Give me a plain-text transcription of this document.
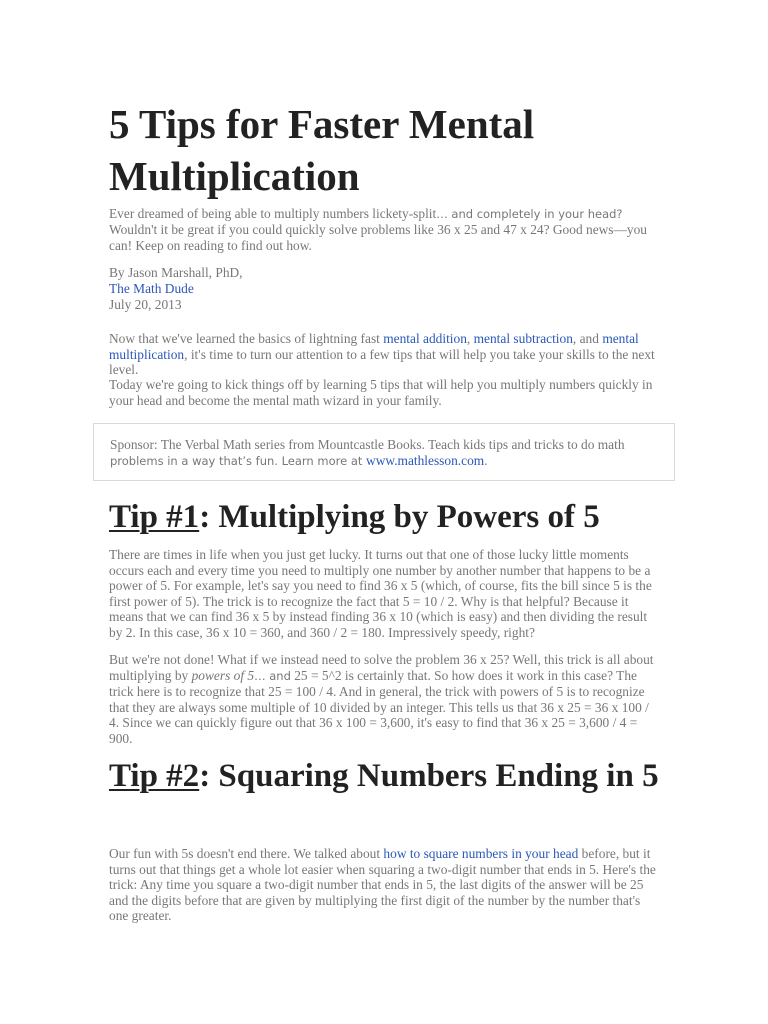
5 Tips for Faster Mental Multiplication

Ever dreamed of being able to multiply numbers lickety-split… and completely in your head? Wouldn't it be great if you could quickly solve problems like 36 x 25 and 47 x 24? Good news—you can! Keep on reading to find out how.

By Jason Marshall, PhD,
The Math Dude
July 20, 2013

Now that we've learned the basics of lightning fast mental addition, mental subtraction, and mental multiplication, it's time to turn our attention to a few tips that will help you take your skills to the next level.

Today we're going to kick things off by learning 5 tips that will help you multiply numbers quickly in your head and become the mental math wizard in your family.

Sponsor: The Verbal Math series from Mountcastle Books. Teach kids tips and tricks to do math problems in a way that’s fun. Learn more at www.mathlesson.com.

Tip #1: Multiplying by Powers of 5

There are times in life when you just get lucky. It turns out that one of those lucky little moments occurs each and every time you need to multiply one number by another number that happens to be a power of 5. For example, let's say you need to find 36 x 5 (which, of course, fits the bill since 5 is the first power of 5). The trick is to recognize the fact that 5 = 10 / 2. Why is that helpful? Because it means that we can find 36 x 5 by instead finding 36 x 10 (which is easy) and then dividing the result by 2. In this case, 36 x 10 = 360, and 360 / 2 = 180. Impressively speedy, right?

But we're not done! What if we instead need to solve the problem 36 x 25? Well, this trick is all about multiplying by powers of 5… and 25 = 5^2 is certainly that. So how does it work in this case? The trick here is to recognize that 25 = 100 / 4. And in general, the trick with powers of 5 is to recognize that they are always some multiple of 10 divided by an integer. This tells us that 36 x 25 = 36 x 100 / 4. Since we can quickly figure out that 36 x 100 = 3,600, it's easy to find that 36 x 25 = 3,600 / 4 = 900.

Tip #2: Squaring Numbers Ending in 5

Our fun with 5s doesn't end there. We talked about how to square numbers in your head before, but it turns out that things get a whole lot easier when squaring a two-digit number that ends in 5. Here's the trick: Any time you square a two-digit number that ends in 5, the last digits of the answer will be 25 and the digits before that are given by multiplying the first digit of the number by the number that's one greater.
